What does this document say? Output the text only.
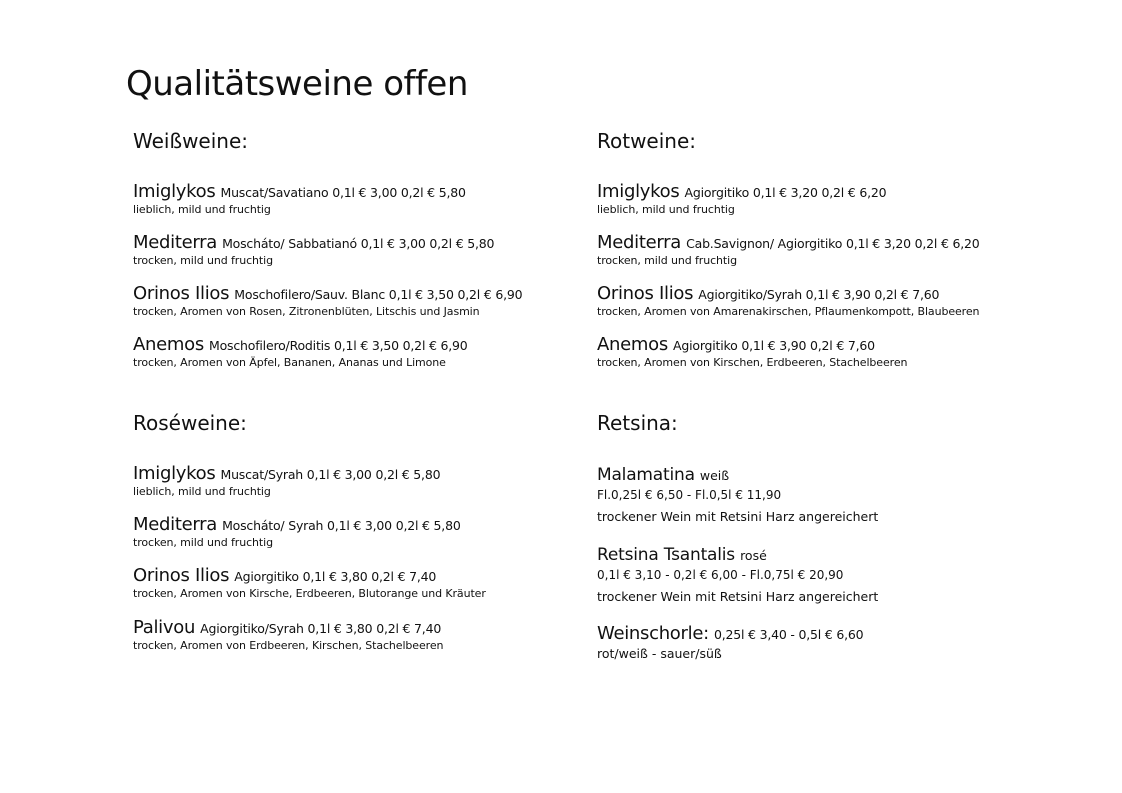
Qualitätsweine offen
Weißweine:
Imiglykos Muscat/Savatiano 0,1l € 3,00 0,2l € 5,80
lieblich, mild und fruchtig
Mediterra Moscháto/ Sabbatianó 0,1l € 3,00 0,2l € 5,80
trocken, mild und fruchtig
Orinos Ilios Moschofilero/Sauv. Blanc 0,1l € 3,50 0,2l € 6,90
trocken, Aromen von Rosen, Zitronenblüten, Litschis und Jasmin
Anemos Moschofilero/Roditis 0,1l € 3,50 0,2l € 6,90
trocken, Aromen von Äpfel, Bananen, Ananas und Limone
Rotweine:
Imiglykos Agiorgitiko 0,1l € 3,20 0,2l € 6,20
lieblich, mild und fruchtig
Mediterra Cab.Savignon/ Agiorgitiko 0,1l € 3,20 0,2l € 6,20
trocken, mild und fruchtig
Orinos Ilios Agiorgitiko/Syrah 0,1l € 3,90 0,2l € 7,60
trocken, Aromen von Amarenakirschen, Pflaumenkompott, Blaubeeren
Anemos Agiorgitiko 0,1l € 3,90 0,2l € 7,60
trocken, Aromen von Kirschen, Erdbeeren, Stachelbeeren
Roséweine:
Imiglykos Muscat/Syrah 0,1l € 3,00 0,2l € 5,80
lieblich, mild und fruchtig
Mediterra Moscháto/ Syrah 0,1l € 3,00 0,2l € 5,80
trocken, mild und fruchtig
Orinos Ilios Agiorgitiko 0,1l € 3,80 0,2l € 7,40
trocken, Aromen von Kirsche, Erdbeeren, Blutorange und Kräuter
Palivou Agiorgitiko/Syrah 0,1l € 3,80 0,2l € 7,40
trocken, Aromen von Erdbeeren, Kirschen, Stachelbeeren
Retsina:
Malamatina weiß
Fl.0,25l € 6,50 - Fl.0,5l € 11,90
trockener Wein mit Retsini Harz angereichert
Retsina Tsantalis rosé
0,1l € 3,10 - 0,2l € 6,00 - Fl.0,75l € 20,90
trockener Wein mit Retsini Harz angereichert
Weinschorle: 0,25l € 3,40 - 0,5l € 6,60
rot/weiß - sauer/süß
